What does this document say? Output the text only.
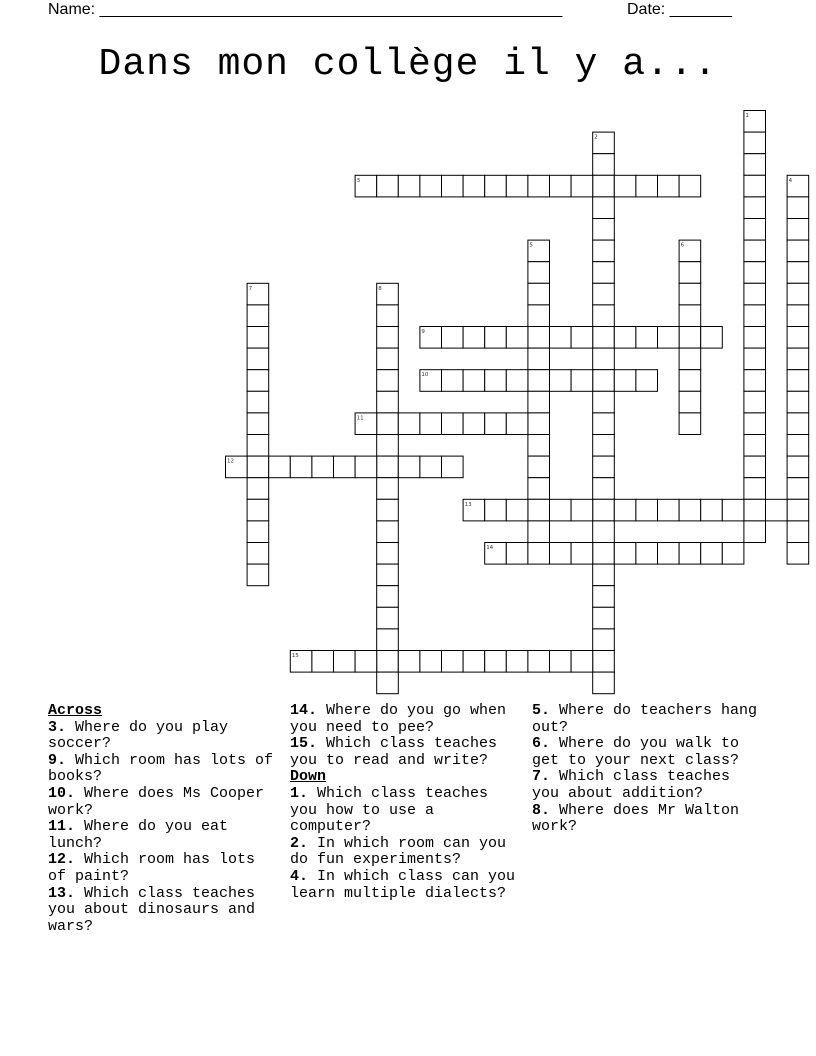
Name: ____________________________________________________	Date: _______
Dans mon collège il y a...
1
2
3	4
5	6
7	8
9
10
11
12
13
14
15
Across

3. Where do you play soccer?

9. Which room has lots of books?

10. Where does Ms Cooper work?

11. Where do you eat lunch?

12. Which room has lots of paint?

13. Which class teaches you about dinosaurs and wars?

14. Where do you go when you need to pee?

15. Which class teaches you to read and write?

Down

1. Which class teaches you how to use a computer?

2. In which room can you do fun experiments?

4. In which class can you learn multiple dialects?

5. Where do teachers hang out?

6. Where do you walk to get to your next class?

7. Which class teaches you about addition?

8. Where does Mr Walton work?
